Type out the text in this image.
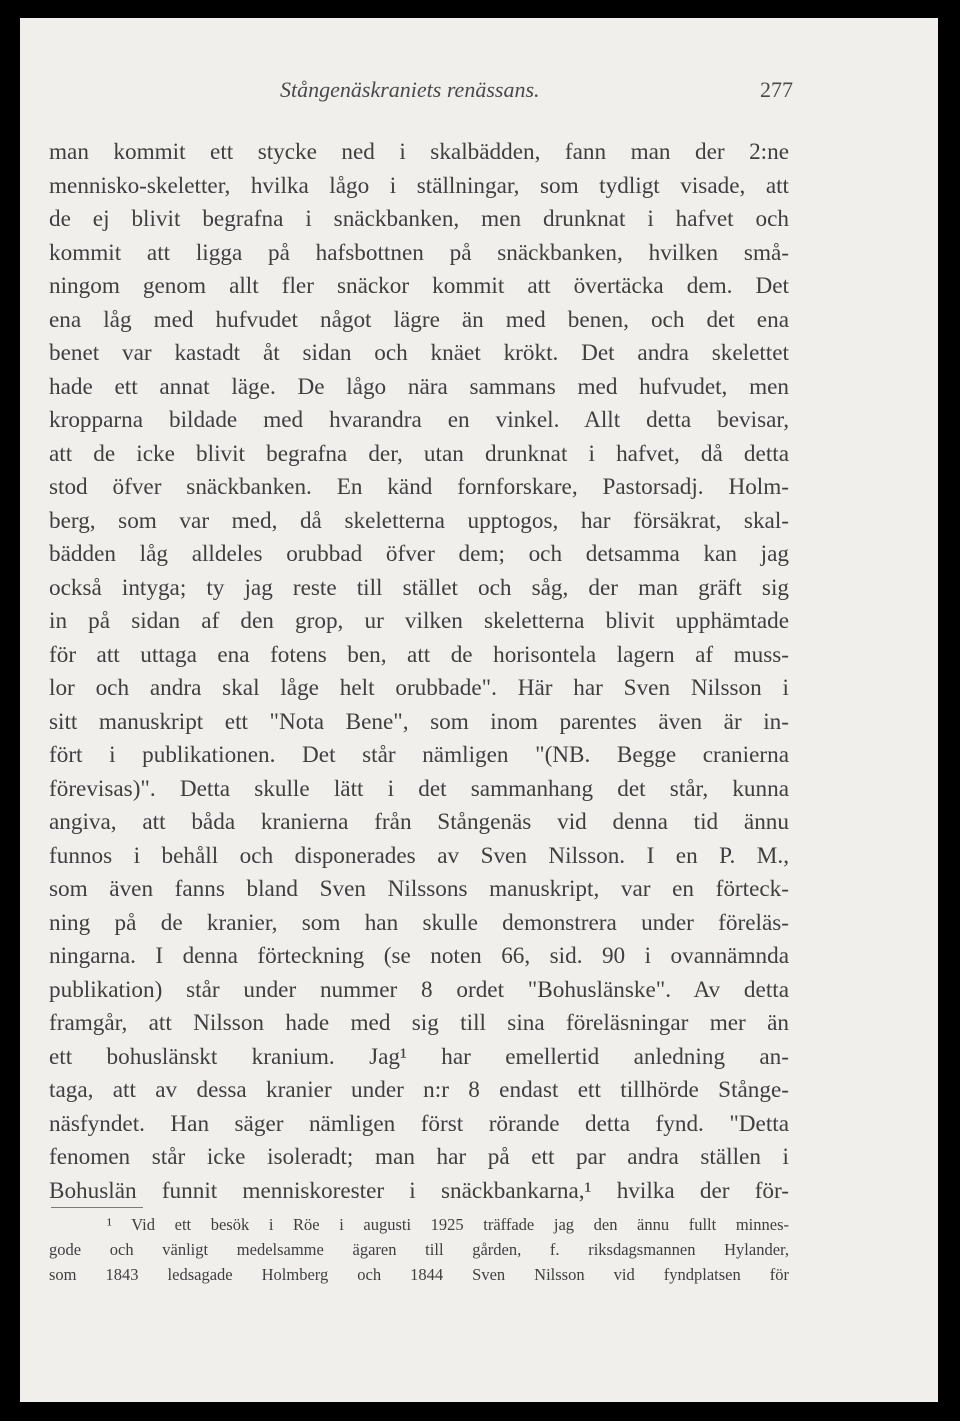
Stångenäskraniets renässans.	277
man kommit ett stycke ned i skalbädden, fann man der 2:ne
mennisko-skeletter, hvilka lågo i ställningar, som tydligt visade, att
de ej blivit begrafna i snäckbanken, men drunknat i hafvet och
kommit att ligga på hafsbottnen på snäckbanken, hvilken små-
ningom genom allt fler snäckor kommit att övertäcka dem. Det
ena låg med hufvudet något lägre än med benen, och det ena
benet var kastadt åt sidan och knäet krökt. Det andra skelettet
hade ett annat läge. De lågo nära sammans med hufvudet, men
kropparna bildade med hvarandra en vinkel. Allt detta bevisar,
att de icke blivit begrafna der, utan drunknat i hafvet, då detta
stod öfver snäckbanken. En känd fornforskare, Pastorsadj. Holm-
berg, som var med, då skeletterna upptogos, har försäkrat, skal-
bädden låg alldeles orubbad öfver dem; och detsamma kan jag
också intyga; ty jag reste till stället och såg, der man gräft sig
in på sidan af den grop, ur vilken skeletterna blivit upphämtade
för att uttaga ena fotens ben, att de horisontela lagern af muss-
lor och andra skal låge helt orubbade". Här har Sven Nilsson i
sitt manuskript ett "Nota Bene", som inom parentes även är in-
fört i publikationen. Det står nämligen "(NB. Begge cranierna
förevisas)". Detta skulle lätt i det sammanhang det står, kunna
angiva, att båda kranierna från Stångenäs vid denna tid ännu
funnos i behåll och disponerades av Sven Nilsson. I en P. M.,
som även fanns bland Sven Nilssons manuskript, var en förteck-
ning på de kranier, som han skulle demonstrera under föreläs-
ningarna. I denna förteckning (se noten 66, sid. 90 i ovannämnda
publikation) står under nummer 8 ordet "Bohuslänske". Av detta
framgår, att Nilsson hade med sig till sina föreläsningar mer än
ett bohuslänskt kranium. Jag¹ har emellertid anledning an-
taga, att av dessa kranier under n:r 8 endast ett tillhörde Stånge-
näsfyndet. Han säger nämligen först rörande detta fynd. "Detta
fenomen står icke isoleradt; man har på ett par andra ställen i
Bohuslän funnit menniskorester i snäckbankarna,¹ hvilka der för-
¹ Vid ett besök i Röe i augusti 1925 träffade jag den ännu fullt minnes-
gode och vänligt medelsamme ägaren till gården, f. riksdagsmannen Hylander,
som 1843 ledsagade Holmberg och 1844 Sven Nilsson vid fyndplatsen för
